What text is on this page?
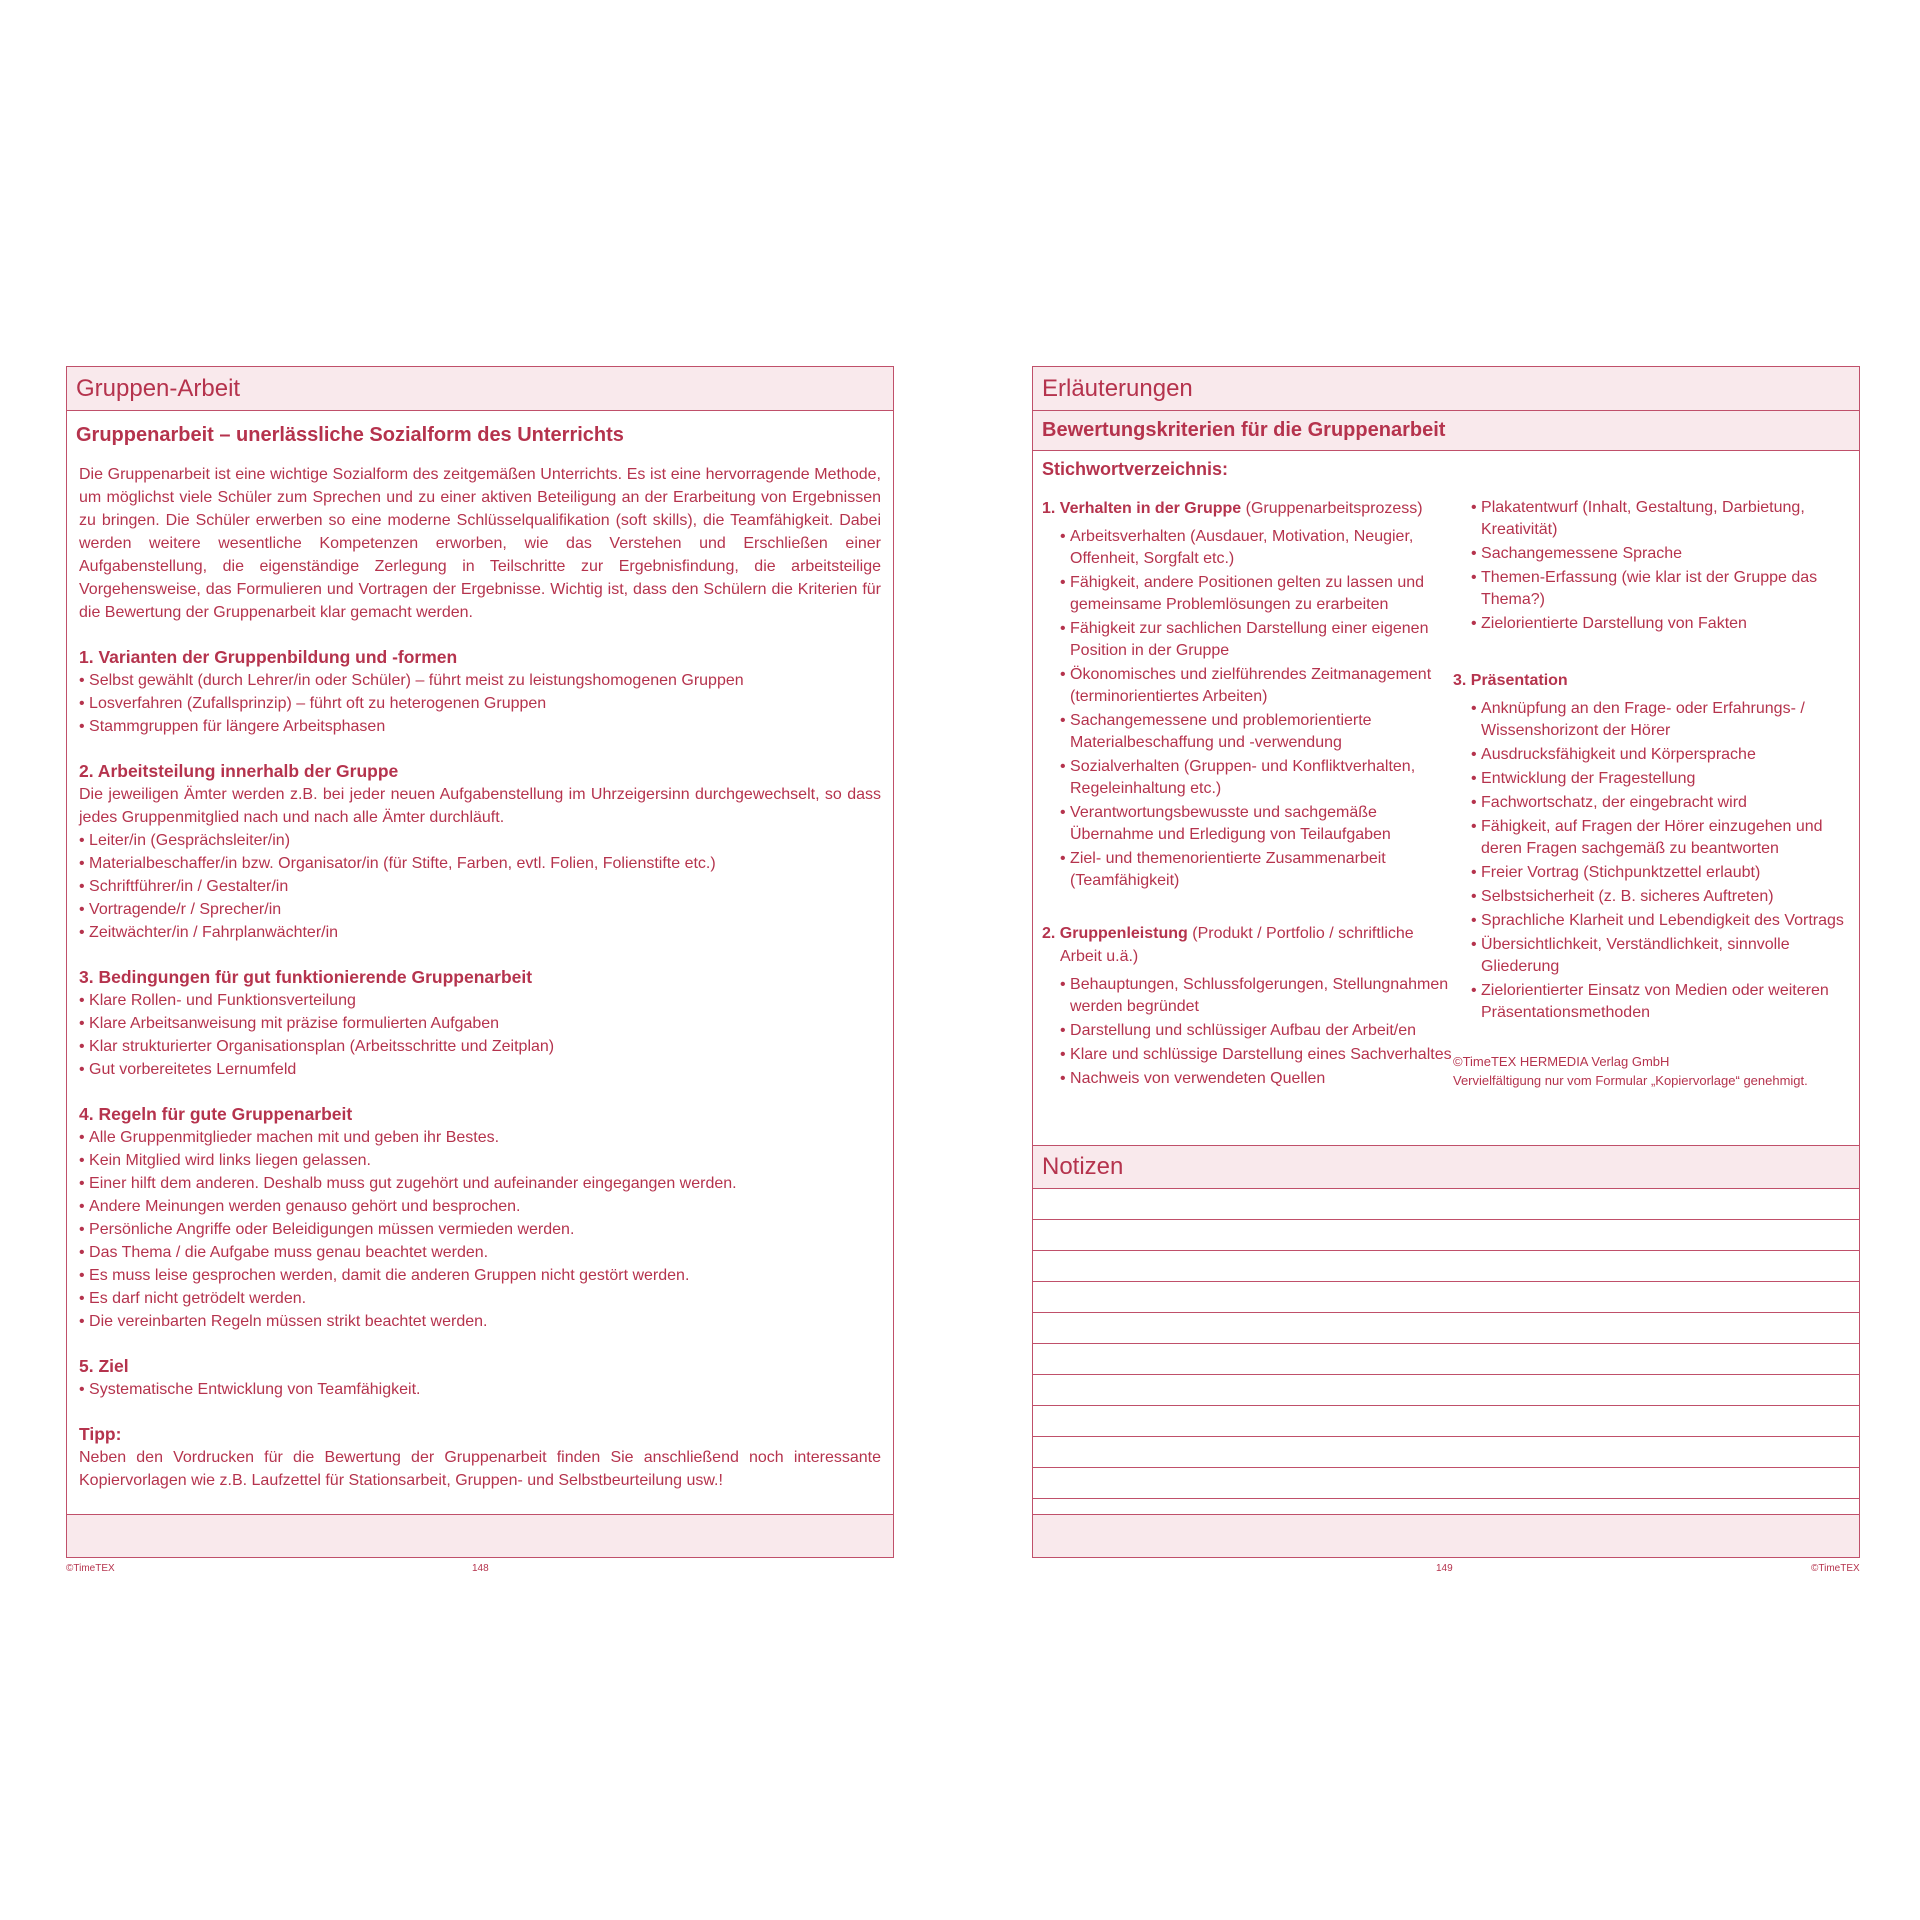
Gruppen-Arbeit
Gruppenarbeit – unerlässliche Sozialform des Unterrichts
Die Gruppenarbeit ist eine wichtige Sozialform des zeitgemäßen Unterrichts. Es ist eine hervorragende Methode, um möglichst viele Schüler zum Sprechen und zu einer aktiven Beteiligung an der Erarbeitung von Ergebnissen zu bringen. Die Schüler erwerben so eine moderne Schlüsselqualifikation (soft skills), die Teamfähigkeit. Dabei werden weitere wesentliche Kompetenzen erworben, wie das Verstehen und Erschließen einer Aufgabenstellung, die eigenständige Zerlegung in Teilschritte zur Ergebnisfindung, die arbeitsteilige Vorgehensweise, das Formulieren und Vortragen der Ergebnisse. Wichtig ist, dass den Schülern die Kriterien für die Bewertung der Gruppenarbeit klar gemacht werden.
1. Varianten der Gruppenbildung und -formen
• Selbst gewählt (durch Lehrer/in oder Schüler) – führt meist zu leistungshomogenen Gruppen
• Losverfahren (Zufallsprinzip) – führt oft zu heterogenen Gruppen
• Stammgruppen für längere Arbeitsphasen
2. Arbeitsteilung innerhalb der Gruppe
Die jeweiligen Ämter werden z.B. bei jeder neuen Aufgabenstellung im Uhrzeigersinn durchgewechselt, so dass jedes Gruppenmitglied nach und nach alle Ämter durchläuft.
• Leiter/in (Gesprächsleiter/in)
• Materialbeschaffer/in bzw. Organisator/in (für Stifte, Farben, evtl. Folien, Folienstifte etc.)
• Schriftführer/in / Gestalter/in
• Vortragende/r / Sprecher/in
• Zeitwächter/in / Fahrplanwächter/in
3. Bedingungen für gut funktionierende Gruppenarbeit
• Klare Rollen- und Funktionsverteilung
• Klare Arbeitsanweisung mit präzise formulierten Aufgaben
• Klar strukturierter Organisationsplan (Arbeitsschritte und Zeitplan)
• Gut vorbereitetes Lernumfeld
4. Regeln für gute Gruppenarbeit
• Alle Gruppenmitglieder machen mit und geben ihr Bestes.
• Kein Mitglied wird links liegen gelassen.
• Einer hilft dem anderen. Deshalb muss gut zugehört und aufeinander eingegangen werden.
• Andere Meinungen werden genauso gehört und besprochen.
• Persönliche Angriffe oder Beleidigungen müssen vermieden werden.
• Das Thema / die Aufgabe muss genau beachtet werden.
• Es muss leise gesprochen werden, damit die anderen Gruppen nicht gestört werden.
• Es darf nicht getrödelt werden.
• Die vereinbarten Regeln müssen strikt beachtet werden.
5. Ziel
• Systematische Entwicklung von Teamfähigkeit.
Tipp:
Neben den Vordrucken für die Bewertung der Gruppenarbeit finden Sie anschließend noch interessante Kopiervorlagen wie z.B. Laufzettel für Stationsarbeit, Gruppen- und Selbstbeurteilung usw.!
©TimeTEX	148
Erläuterungen
Bewertungskriterien für die Gruppenarbeit
Stichwortverzeichnis:
1. Verhalten in der Gruppe (Gruppenarbeitsprozess)
• Arbeitsverhalten (Ausdauer, Motivation, Neugier, Offenheit, Sorgfalt etc.)
• Fähigkeit, andere Positionen gelten zu lassen und gemeinsame Problemlösungen zu erarbeiten
• Fähigkeit zur sachlichen Darstellung einer eigenen Position in der Gruppe
• Ökonomisches und zielführendes Zeitmanagement (terminorientiertes Arbeiten)
• Sachangemessene und problemorientierte Materialbeschaffung und -verwendung
• Sozialverhalten (Gruppen- und Konfliktverhalten, Regeleinhaltung etc.)
• Verantwortungsbewusste und sachgemäße Übernahme und Erledigung von Teilaufgaben
• Ziel- und themenorientierte Zusammenarbeit (Teamfähigkeit)
2. Gruppenleistung (Produkt / Portfolio / schriftliche Arbeit u.ä.)
• Behauptungen, Schlussfolgerungen, Stellungnahmen werden begründet
• Darstellung und schlüssiger Aufbau der Arbeit/en
• Klare und schlüssige Darstellung eines Sachverhaltes
• Nachweis von verwendeten Quellen
• Plakatentwurf (Inhalt, Gestaltung, Darbietung, Kreativität)
• Sachangemessene Sprache
• Themen-Erfassung (wie klar ist der Gruppe das Thema?)
• Zielorientierte Darstellung von Fakten
3. Präsentation
• Anknüpfung an den Frage- oder Erfahrungs- / Wissenshorizont der Hörer
• Ausdrucksfähigkeit und Körpersprache
• Entwicklung der Fragestellung
• Fachwortschatz, der eingebracht wird
• Fähigkeit, auf Fragen der Hörer einzugehen und deren Fragen sachgemäß zu beantworten
• Freier Vortrag (Stichpunktzettel erlaubt)
• Selbstsicherheit (z. B. sicheres Auftreten)
• Sprachliche Klarheit und Lebendigkeit des Vortrags
• Übersichtlichkeit, Verständlichkeit, sinnvolle Gliederung
• Zielorientierter Einsatz von Medien oder weiteren Präsentationsmethoden
©TimeTEX HERMEDIA Verlag GmbH
Vervielfältigung nur vom Formular „Kopiervorlage“ genehmigt.
Notizen
149	©TimeTEX
